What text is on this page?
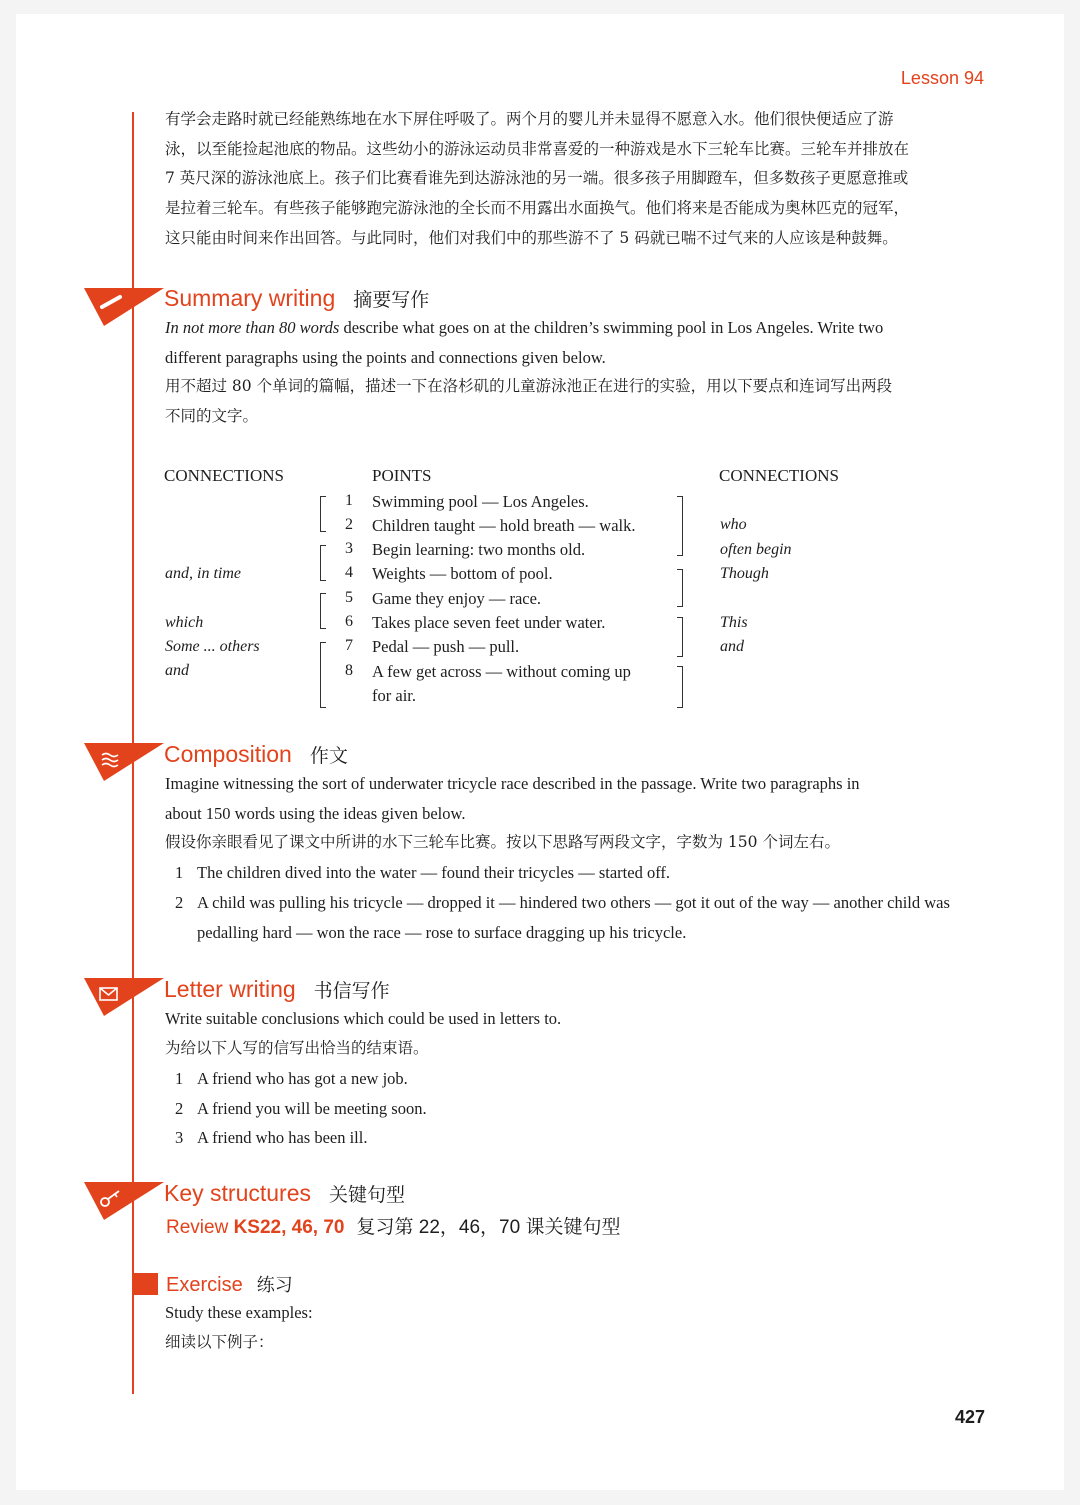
Lesson 94
有学会走路时就已经能熟练地在水下屏住呼吸了。两个月的婴儿并未显得不愿意入水。他们很快便适应了游
泳，以至能捡起池底的物品。这些幼小的游泳运动员非常喜爱的一种游戏是水下三轮车比赛。三轮车并排放在
7 英尺深的游泳池底上。孩子们比赛看谁先到达游泳池的另一端。很多孩子用脚蹬车，但多数孩子更愿意推或
是拉着三轮车。有些孩子能够跑完游泳池的全长而不用露出水面换气。他们将来是否能成为奥林匹克的冠军，
这只能由时间来作出回答。与此同时，他们对我们中的那些游不了 5 码就已喘不过气来的人应该是种鼓舞。
Summary writing 摘要写作
In not more than 80 words describe what goes on at the children’s swimming pool in Los Angeles. Write two
different paragraphs using the points and connections given below.
用不超过 80 个单词的篇幅，描述一下在洛杉矶的儿童游泳池正在进行的实验，用以下要点和连词写出两段
不同的文字。
CONNECTIONS	POINTS	CONNECTIONS
1 Swimming pool — Los Angeles.
2 Children taught — hold breath — walk.
3 Begin learning: two months old.
4 Weights — bottom of pool.
5 Game they enjoy — race.
6 Takes place seven feet under water.
7 Pedal — push — pull.
8 A few get across — without coming up
for air.
and, in time
which
Some ... others
and
who
often begin
Though
This
and
Composition 作文
Imagine witnessing the sort of underwater tricycle race described in the passage. Write two paragraphs in
about 150 words using the ideas given below.
假设你亲眼看见了课文中所讲的水下三轮车比赛。按以下思路写两段文字，字数为 150 个词左右。
1 The children dived into the water — found their tricycles — started off.
2 A child was pulling his tricycle — dropped it — hindered two others — got it out of the way — another child was pedalling hard — won the race — rose to surface dragging up his tricycle.
Letter writing 书信写作
Write suitable conclusions which could be used in letters to.
为给以下人写的信写出恰当的结束语。
1 A friend who has got a new job.
2 A friend you will be meeting soon.
3 A friend who has been ill.
Key structures 关键句型
Review KS22, 46, 70 复习第 22，46，70 课关键句型
Exercise 练习
Study these examples:
细读以下例子：
427
